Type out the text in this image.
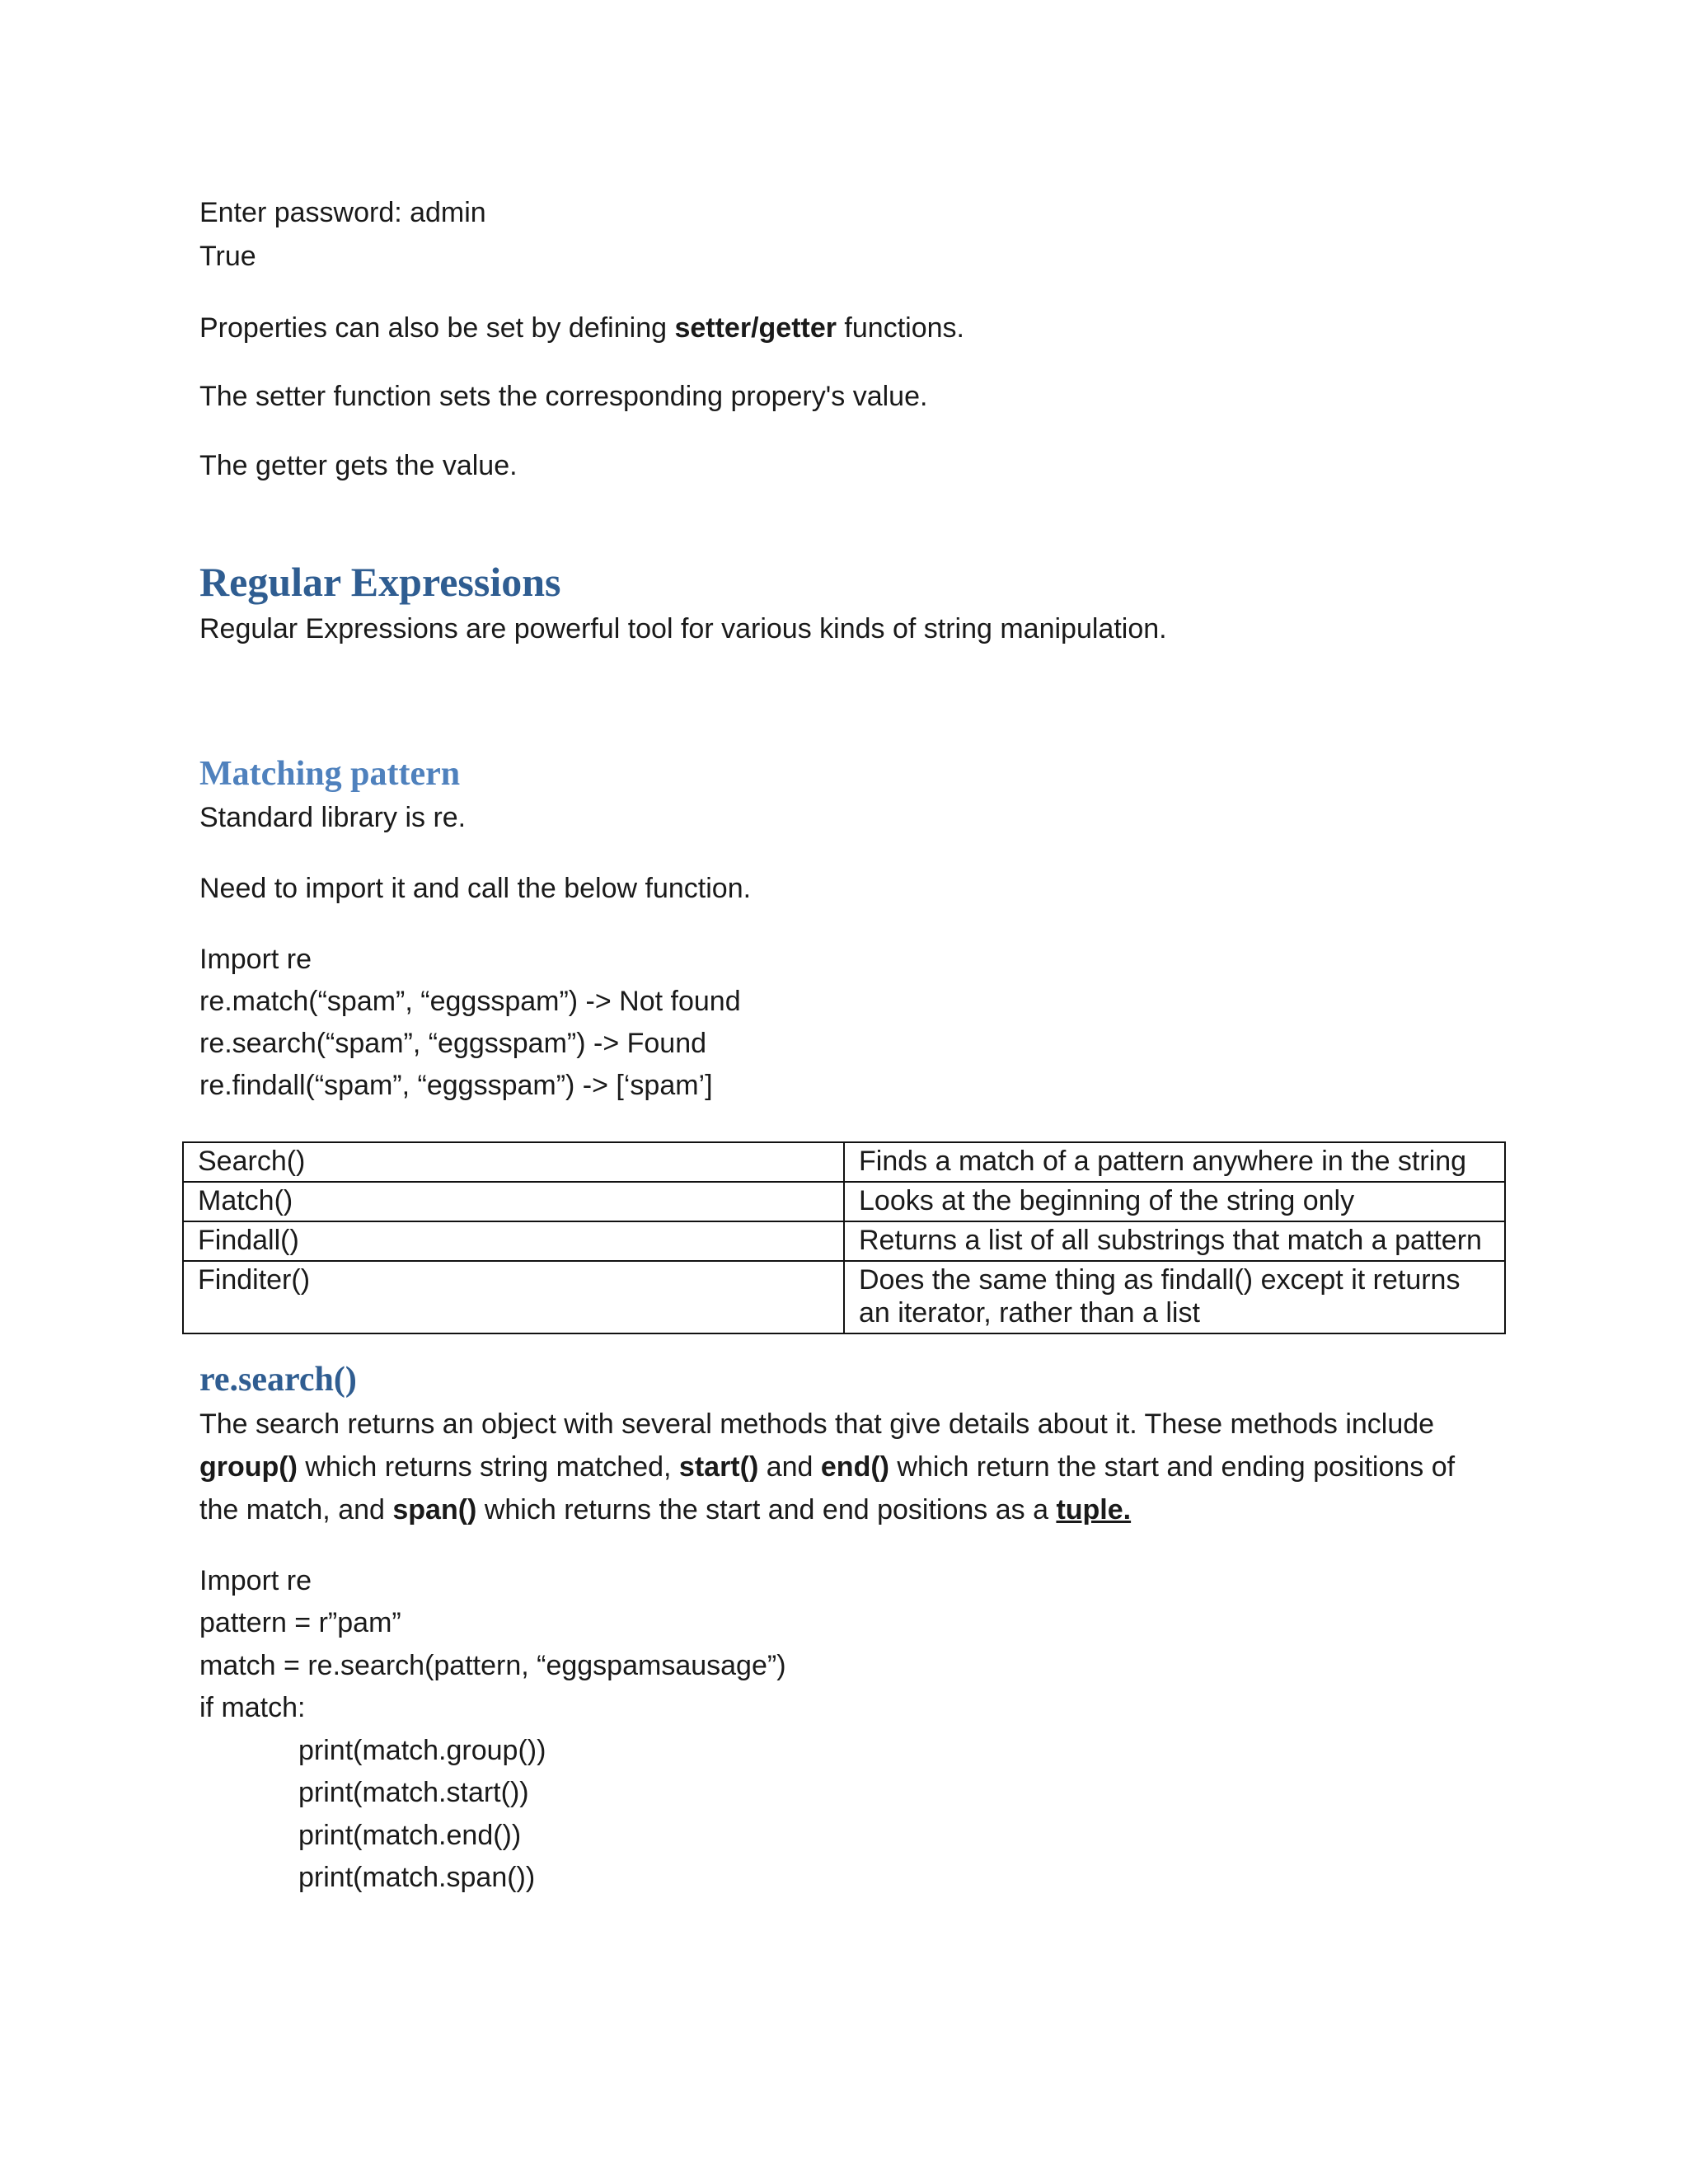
Enter password: admin

True

Properties can also be set by defining setter/getter functions.

The setter function sets the corresponding propery's value.

The getter gets the value.

Regular Expressions

Regular Expressions are powerful tool for various kinds of string manipulation.

Matching pattern

Standard library is re.

Need to import it and call the below function.

Import re

re.match(“spam”, “eggsspam”) -> Not found

re.search(“spam”, “eggsspam”) -> Found

re.findall(“spam”, “eggsspam”) -> [‘spam’]

Search()	Finds a match of a pattern anywhere in the string
Match()	Looks at the beginning of the string only
Findall()	Returns a list of all substrings that match a pattern
Finditer()	Does the same thing as findall() except it returns an iterator, rather than a list
re.search()

The search returns an object with several methods that give details about it. These methods include

group() which returns string matched, start() and end() which return the start and ending positions of

the match, and span() which returns the start and end positions as a tuple.

Import re

pattern = r”pam”

match = re.search(pattern, “eggspamsausage”)

if match:

print(match.group())

print(match.start())

print(match.end())

print(match.span())
